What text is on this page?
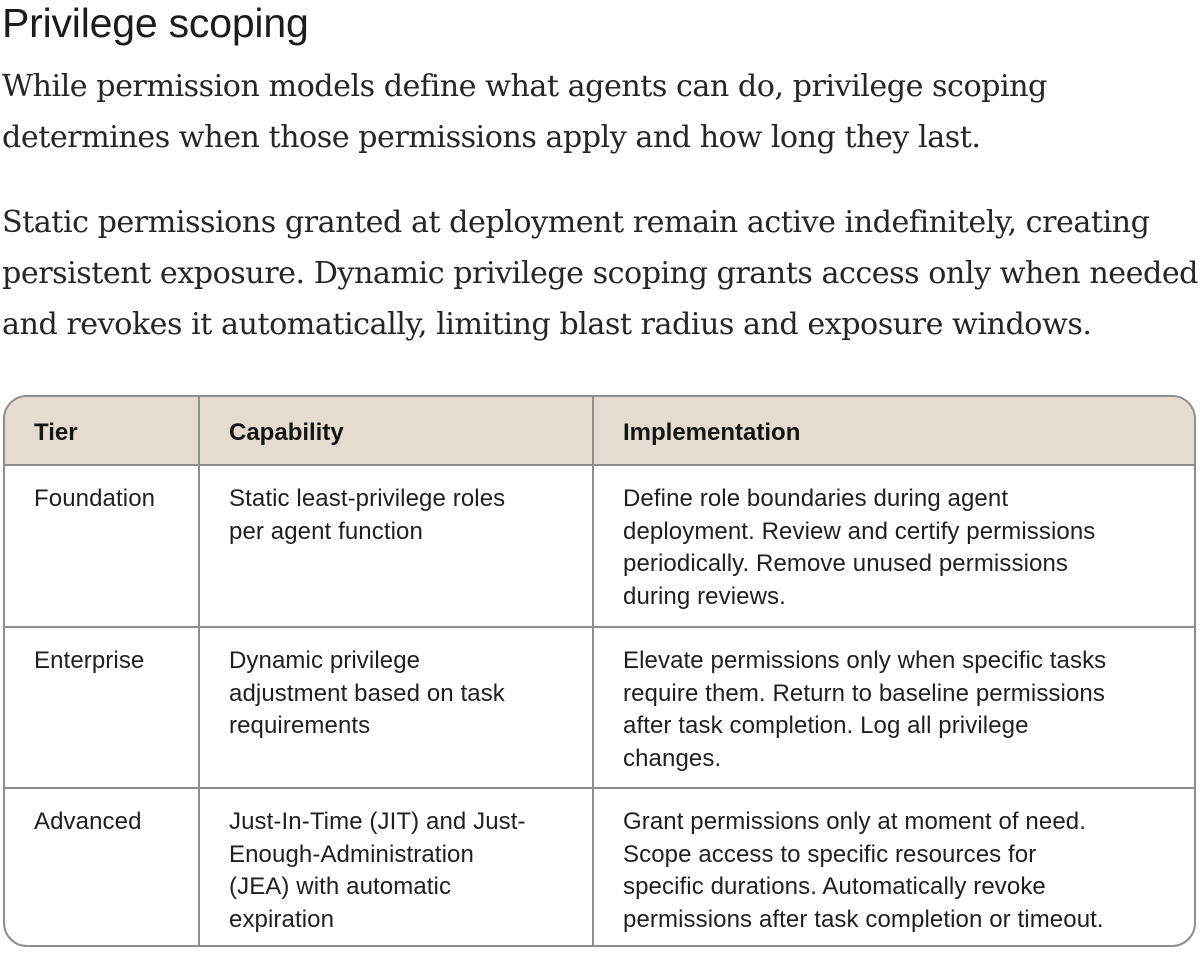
Privilege scoping

While permission models define what agents can do, privilege scoping
determines when those permissions apply and how long they last.

Static permissions granted at deployment remain active indefinitely, creating
persistent exposure. Dynamic privilege scoping grants access only when needed
and revokes it automatically, limiting blast radius and exposure windows.

Tier	Capability	Implementation
Foundation	Static least-privilege roles
per agent function	Define role boundaries during agent
deployment. Review and certify permissions
periodically. Remove unused permissions
during reviews.

Enterprise	Dynamic privilege
adjustment based on task
requirements	Elevate permissions only when specific tasks
require them. Return to baseline permissions
after task completion. Log all privilege
changes.

Advanced	Just-In-Time (JIT) and Just-
Enough-Administration
(JEA) with automatic
expiration	Grant permissions only at moment of need.
Scope access to specific resources for
specific durations. Automatically revoke
permissions after task completion or timeout.
